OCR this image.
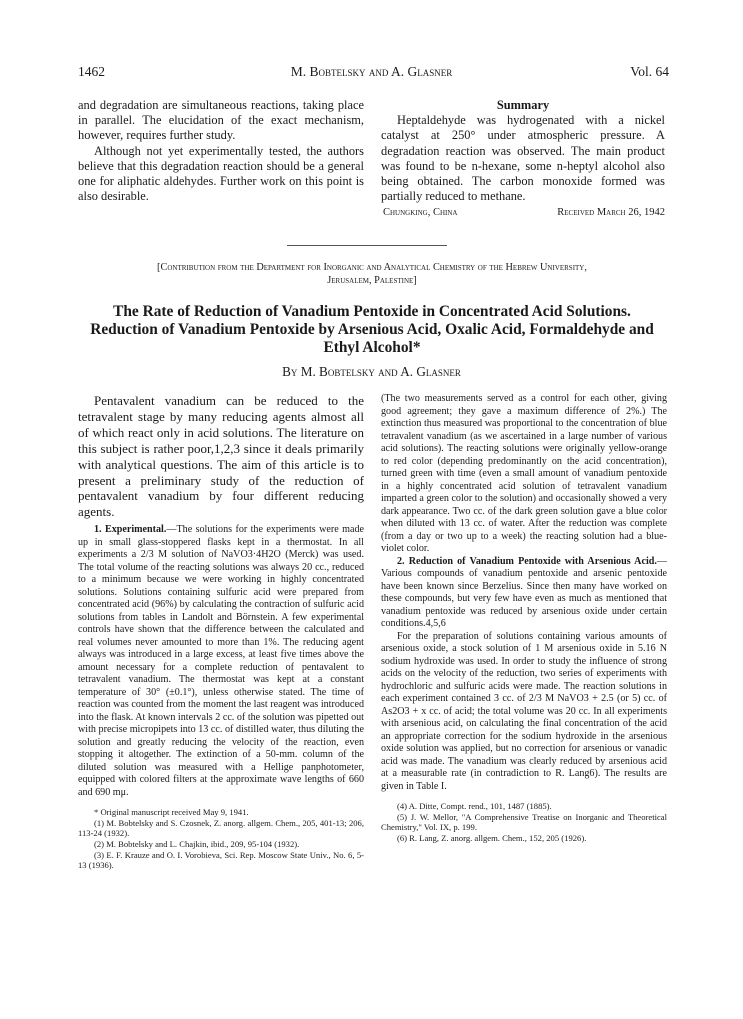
1462	M. Bobtelsky and A. Glasner	Vol. 64

and degradation are simultaneous reactions, taking place in parallel. The elucidation of the exact mechanism, however, requires further study.

Although not yet experimentally tested, the authors believe that this degradation reaction should be a general one for aliphatic aldehydes. Further work on this point is also desirable.

Summary

Heptaldehyde was hydrogenated with a nickel catalyst at 250° under atmospheric pressure. A degradation reaction was observed. The main product was found to be n-hexane, some n-heptyl alcohol also being obtained. The carbon monoxide formed was partially reduced to methane.

Chungking, China	Received March 26, 1942
[Contribution from the Department for Inorganic and Analytical Chemistry of the Hebrew University,
Jerusalem, Palestine]
The Rate of Reduction of Vanadium Pentoxide in Concentrated Acid Solutions.
Reduction of Vanadium Pentoxide by Arsenious Acid, Oxalic Acid, Formaldehyde and
Ethyl Alcohol*
By M. Bobtelsky and A. Glasner

Pentavalent vanadium can be reduced to the tetravalent stage by many reducing agents almost all of which react only in acid solutions. The literature on this subject is rather poor,1,2,3 since it deals primarily with analytical questions. The aim of this article is to present a preliminary study of the reduction of pentavalent vanadium by four different reducing agents.

1. Experimental.—The solutions for the experiments were made up in small glass-stoppered flasks kept in a thermostat. In all experiments a 2/3 M solution of NaVO3·4H2O (Merck) was used. The total volume of the reacting solutions was always 20 cc., reduced to a minimum because we were working in highly concentrated solutions. Solutions containing sulfuric acid were prepared from concentrated acid (96%) by calculating the contraction of sulfuric acid solutions from tables in Landolt and Börnstein. A few experimental controls have shown that the difference between the calculated and real volumes never amounted to more than 1%. The reducing agent always was introduced in a large excess, at least five times above the amount necessary for a complete reduction of pentavalent to tetravalent vanadium. The thermostat was kept at a constant temperature of 30° (±0.1°), unless otherwise stated. The time of reaction was counted from the moment the last reagent was introduced into the flask. At known intervals 2 cc. of the solution was pipetted out with precise micropipets into 13 cc. of distilled water, thus diluting the solution and greatly reducing the velocity of the reaction, even stopping it altogether. The extinction of a 50-mm. column of the diluted solution was measured with a Hellige panphotometer, equipped with colored filters at the approximate wave lengths of 660 and 690 mμ.

* Original manuscript received May 9, 1941.
(1) M. Bobtelsky and S. Czosnek, Z. anorg. allgem. Chem., 205, 401-13; 206, 113-24 (1932).
(2) M. Bobtelsky and L. Chajkin, ibid., 209, 95-104 (1932).
(3) E. F. Krauze and O. I. Vorobieva, Sci. Rep. Moscow State Univ., No. 6, 5-13 (1936).

(The two measurements served as a control for each other, giving good agreement; they gave a maximum difference of 2%.) The extinction thus measured was proportional to the concentration of blue tetravalent vanadium (as we ascertained in a large number of various acid solutions). The reacting solutions were originally yellow-orange to red color (depending predominantly on the acid concentration), turned green with time (even a small amount of vanadium pentoxide in a highly concentrated acid solution of tetravalent vanadium imparted a green color to the solution) and occasionally showed a very dark appearance. Two cc. of the dark green solution gave a blue color when diluted with 13 cc. of water. After the reduction was complete (from a day or two up to a week) the reacting solution had a blue-violet color.

2. Reduction of Vanadium Pentoxide with Arsenious Acid.—Various compounds of vanadium pentoxide and arsenic pentoxide have been known since Berzelius. Since then many have worked on these compounds, but very few have even as much as mentioned that vanadium pentoxide was reduced by arsenious oxide under certain conditions.4,5,6

For the preparation of solutions containing various amounts of arsenious oxide, a stock solution of 1 M arsenious oxide in 5.16 N sodium hydroxide was used. In order to study the influence of strong acids on the velocity of the reduction, two series of experiments with hydrochloric and sulfuric acids were made. The reaction solutions in each experiment contained 3 cc. of 2/3 M NaVO3 + 2.5 (or 5) cc. of As2O3 + x cc. of acid; the total volume was 20 cc. In all experiments with arsenious acid, on calculating the final concentration of the acid an appropriate correction for the sodium hydroxide in the arsenious oxide solution was applied, but no correction for arsenious or vanadic acid was made. The vanadium was clearly reduced by arsenious acid at a measurable rate (in contradiction to R. Lang6). The results are given in Table I.

(4) A. Ditte, Compt. rend., 101, 1487 (1885).
(5) J. W. Mellor, "A Comprehensive Treatise on Inorganic and Theoretical Chemistry," Vol. IX, p. 199.
(6) R. Lang, Z. anorg. allgem. Chem., 152, 205 (1926).
